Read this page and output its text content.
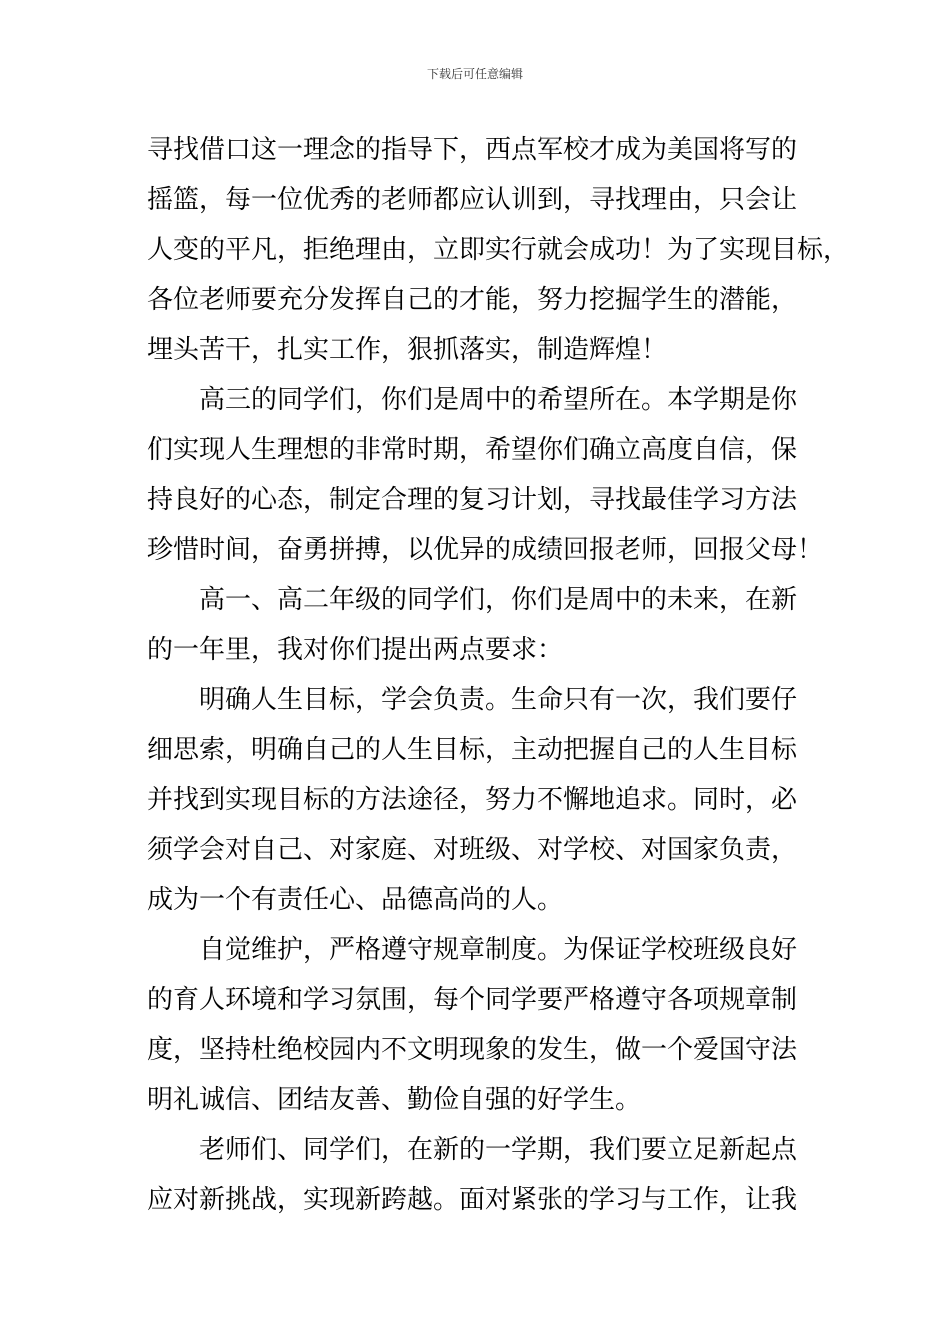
下载后可任意编辑
寻找借口这一理念的指导下，西点军校才成为美国将写的
摇篮，每一位优秀的老师都应认训到，寻找理由，只会让
人变的平凡，拒绝理由，立即实行就会成功！为了实现目标，
各位老师要充分发挥自己的才能，努力挖掘学生的潜能，
埋头苦干，扎实工作，狠抓落实，制造辉煌！
高三的同学们，你们是周中的希望所在。本学期是你
们实现人生理想的非常时期，希望你们确立高度自信，保
持良好的心态，制定合理的复习计划，寻找最佳学习方法
珍惜时间，奋勇拼搏，以优异的成绩回报老师，回报父母！
高一、高二年级的同学们，你们是周中的未来，在新
的一年里，我对你们提出两点要求：
明确人生目标，学会负责。生命只有一次，我们要仔
细思索，明确自己的人生目标，主动把握自己的人生目标
并找到实现目标的方法途径，努力不懈地追求。同时，必
须学会对自己、对家庭、对班级、对学校、对国家负责，
成为一个有责任心、品德高尚的人。
自觉维护，严格遵守规章制度。为保证学校班级良好
的育人环境和学习氛围，每个同学要严格遵守各项规章制
度，坚持杜绝校园内不文明现象的发生，做一个爱国守法
明礼诚信、团结友善、勤俭自强的好学生。
老师们、同学们，在新的一学期，我们要立足新起点
应对新挑战，实现新跨越。面对紧张的学习与工作，让我
